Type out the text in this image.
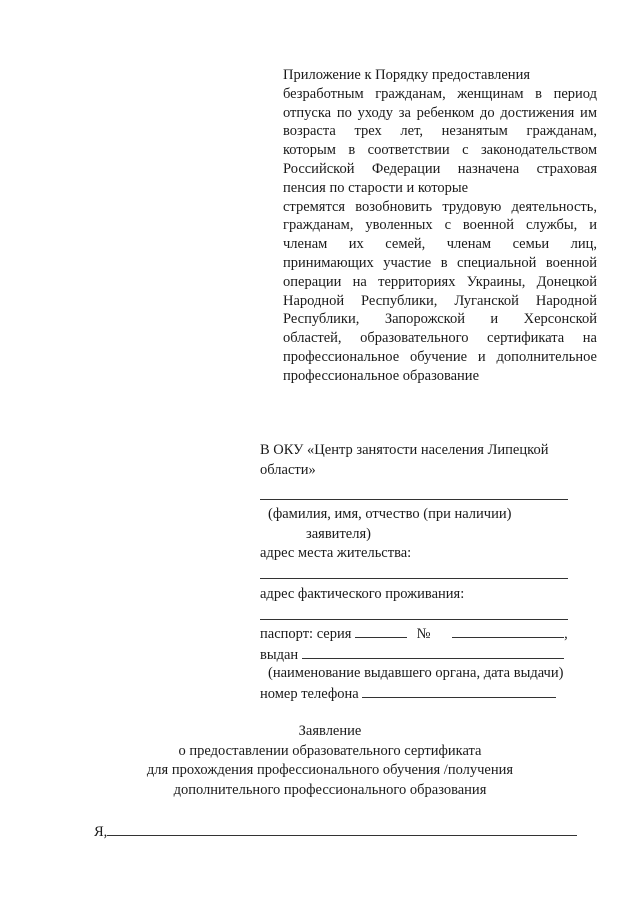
Приложение к Порядку предоставления
безработным гражданам, женщинам в период
отпуска по уходу за ребенком до достижения им
возраста трех лет, незанятым гражданам,
которым в соответствии с законодательством
Российской Федерации назначена страховая
пенсия по старости и которые
стремятся возобновить трудовую деятельность,
гражданам, уволенных с военной службы, и
членам их семей, членам семьи лиц,
принимающих участие в специальной военной
операции на территориях Украины, Донецкой
Народной Республики, Луганской Народной
Республики, Запорожской и Херсонской
областей, образовательного сертификата на
профессиональное обучение и дополнительное
профессиональное образование
В ОКУ «Центр занятости населения Липецкой
области»
(фамилия, имя, отчество (при наличии)
заявителя)
адрес места жительства:
адрес фактического проживания:
паспорт: серия	№	,
выдан
(наименование выдавшего органа, дата выдачи)
номер телефона
Заявление
о предоставлении образовательного сертификата
для прохождения профессионального обучения /получения
дополнительного профессионального образования
Я,
